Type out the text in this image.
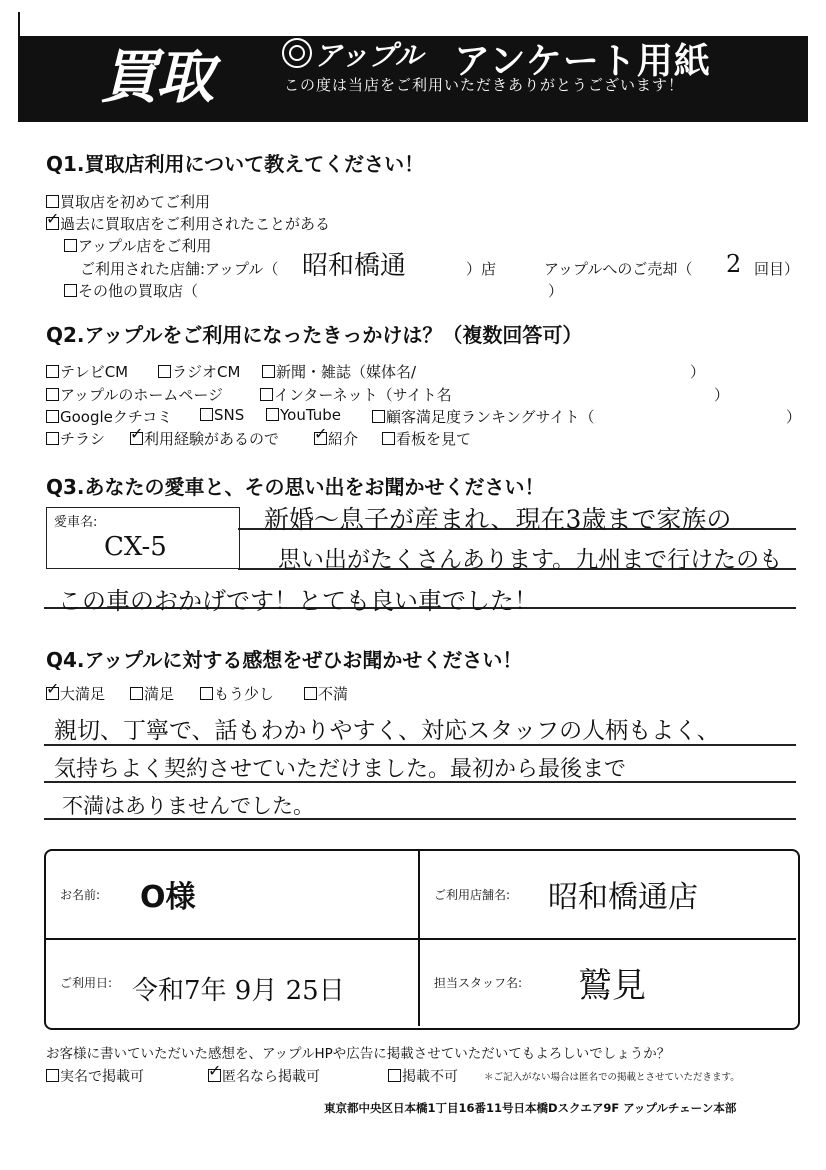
買取	アップル アンケート用紙
この度は当店をご利用いただきありがとうございます！
Q1.買取店利用について教えてください！
買取店を初めてご利用
✓過去に買取店をご利用されたことがある
アップル店をご利用
ご利用された店舗:アップル（ 昭和橋通	）店	アップルへのご売却（ 2 回目）
その他の買取店（	）
Q2.アップルをご利用になったきっかけは？（複数回答可）
テレビCM	ラジオCM	新聞・雑誌（媒体名/	）
アップルのホームページ	インターネット（サイト名	）
Googleクチコミ	SNS	YouTube	顧客満足度ランキングサイト（	）
チラシ ✓	利用経験があるので ✓	紹介	看板を見て
Q3.あなたの愛車と、その思い出をお聞かせください！
愛車名:
CX-5
新婚～息子が産まれ、現在3歳まで家族の
思い出がたくさんあります。九州まで行けたのも
この車のおかげです！とても良い車でした！
Q4.アップルに対する感想をぜひお聞かせください！
✓大満足	満足	もう少し	不満
親切、丁寧で、話もわかりやすく、対応スタッフの人柄もよく、
気持ちよく契約させていただけました。最初から最後まで
不満はありませんでした。
お名前: O様	ご利用店舗名: 昭和橋通店
ご利用日: 令和7年 9月 25日	担当スタッフ名: 鷲見
お客様に書いていただいた感想を、アップルHPや広告に掲載させていただいてもよろしいでしょうか？
実名で掲載可 ✓	匿名なら掲載可	掲載不可	＊ご記入がない場合は匿名での掲載とさせていただきます。
東京都中央区日本橋1丁目16番11号日本橋Dスクエア9F アップルチェーン本部
